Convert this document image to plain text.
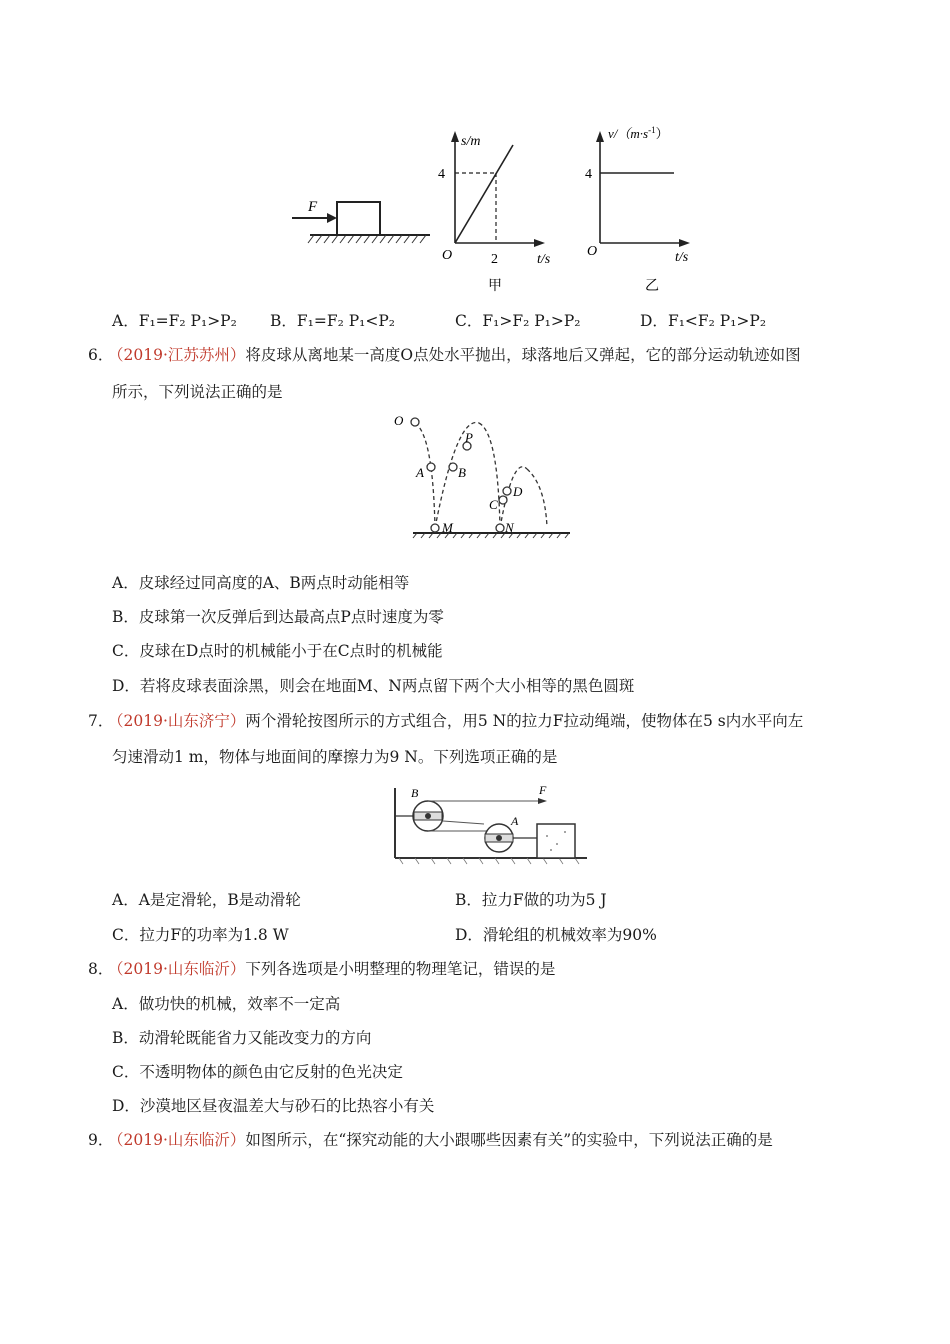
F
s/m
4
O	2	t/s
甲
$v/(m\cdot s^{-1})$
4
O	t/s
乙
A．F₁=F₂ P₁>P₂ B．F₁=F₂ P₁<P₂	C．F₁>F₂ P₁>P₂	D．F₁<F₂ P₁>P₂
6．
（2019·江苏苏州）将皮球从离地某一高度O点处水平抛出，球落地后又弹起，它的部分运动轨迹如图
所示，下列说法正确的是
O
P
A	B
C
D
M	N
A．皮球经过同高度的A、B两点时动能相等
B．皮球第一次反弹后到达最高点P点时速度为零
C．皮球在D点时的机械能小于在C点时的机械能
D．若将皮球表面涂黑，则会在地面M、N两点留下两个大小相等的黑色圆斑
7．
（2019·山东济宁）两个滑轮按图所示的方式组合，用5 N的拉力F拉动绳端，使物体在5 s内水平向左
匀速滑动1 m，物体与地面间的摩擦力为9 N。下列选项正确的是
B
A
F
A．A是定滑轮，B是动滑轮	B．拉力F做的功为5 J
C．拉力F的功率为1.8 W	D．滑轮组的机械效率为90%
8．
（2019·山东临沂）下列各选项是小明整理的物理笔记，错误的是
A．做功快的机械，效率不一定高
B．动滑轮既能省力又能改变力的方向
C．不透明物体的颜色由它反射的色光决定
D．沙漠地区昼夜温差大与砂石的比热容小有关
9．
（2019·山东临沂）如图所示，在“探究动能的大小跟哪些因素有关”的实验中，下列说法正确的是
